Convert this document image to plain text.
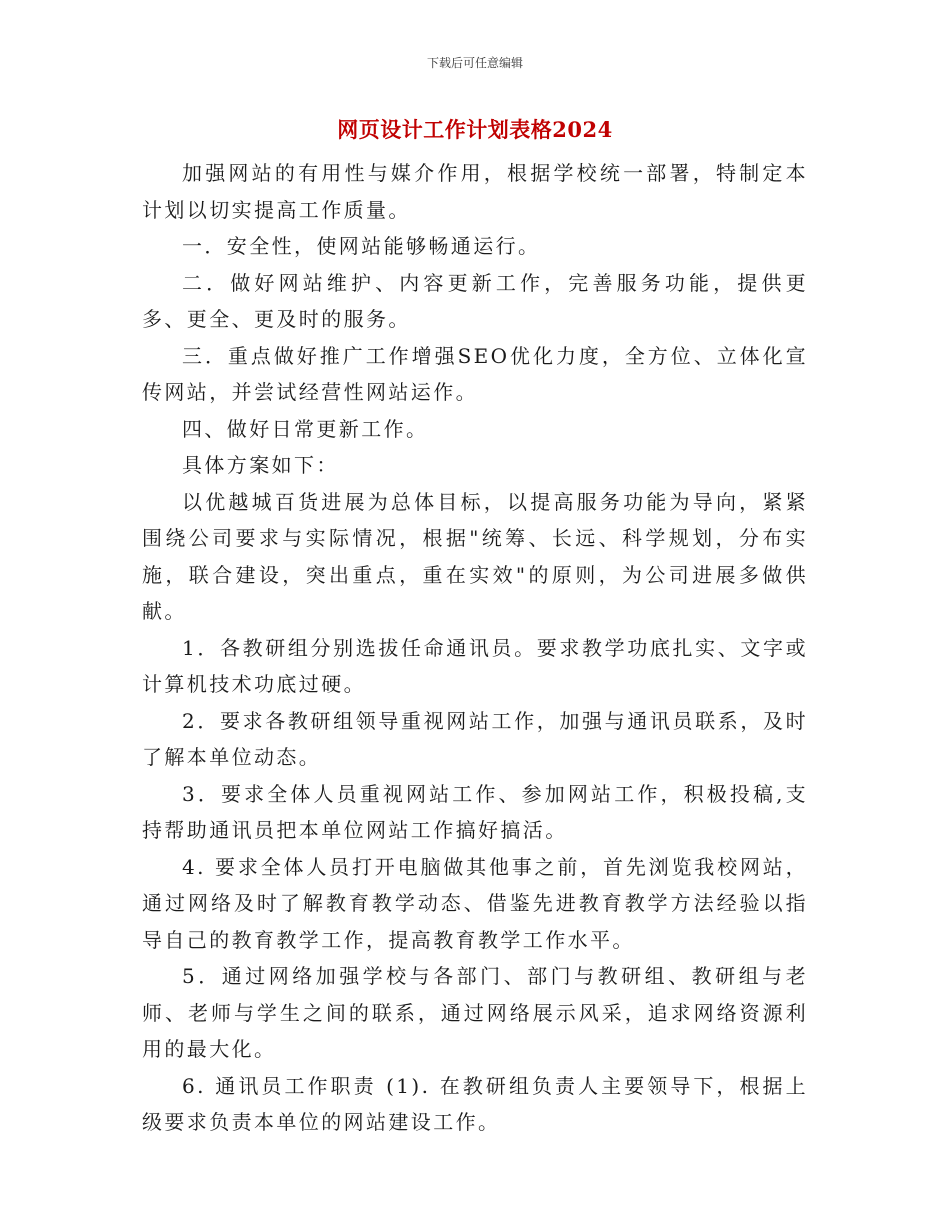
下载后可任意编辑
网页设计工作计划表格2024

加强网站的有用性与媒介作用，根据学校统一部署，特制定本计划以切实提高工作质量。

一．安全性，使网站能够畅通运行。

二．做好网站维护、内容更新工作，完善服务功能，提供更多、更全、更及时的服务。

三．重点做好推广工作增强SEO优化力度，全方位、立体化宣传网站，并尝试经营性网站运作。

四、做好日常更新工作。

具体方案如下：

以优越城百货进展为总体目标，以提高服务功能为导向，紧紧围绕公司要求与实际情况，根据"统筹、长远、科学规划，分布实施，联合建设，突出重点，重在实效"的原则，为公司进展多做供献。

1．各教研组分别选拔任命通讯员。要求教学功底扎实、文字或计算机技术功底过硬。

2．要求各教研组领导重视网站工作，加强与通讯员联系，及时了解本单位动态。

3．要求全体人员重视网站工作、参加网站工作，积极投稿,支持帮助通讯员把本单位网站工作搞好搞活。

4. 要求全体人员打开电脑做其他事之前，首先浏览我校网站，通过网络及时了解教育教学动态、借鉴先进教育教学方法经验以指导自己的教育教学工作，提高教育教学工作水平。

5．通过网络加强学校与各部门、部门与教研组、教研组与老师、老师与学生之间的联系，通过网络展示风采，追求网络资源利用的最大化。

6. 通讯员工作职责 (1). 在教研组负责人主要领导下，根据上级要求负责本单位的网站建设工作。
